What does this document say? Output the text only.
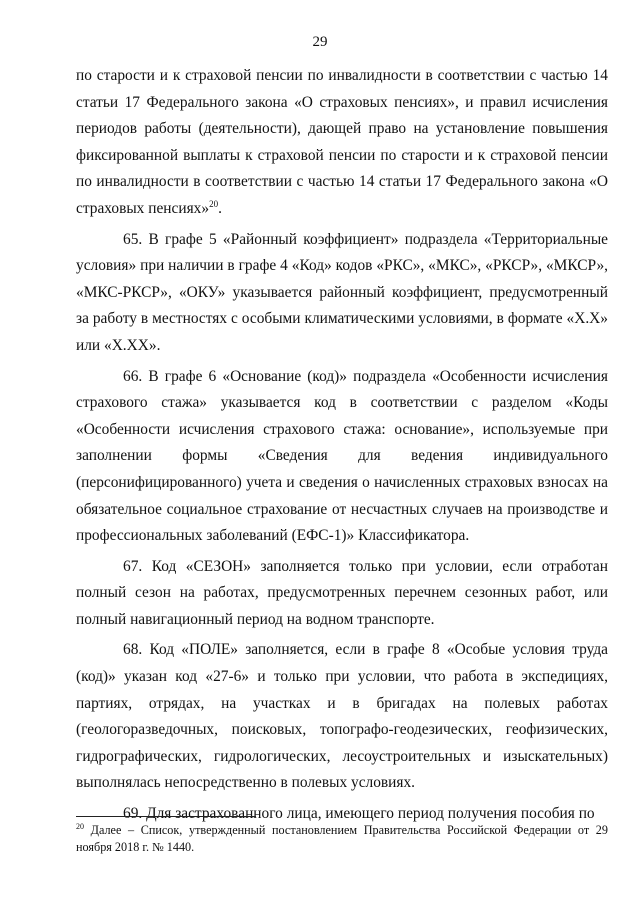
29

по старости и к страховой пенсии по инвалидности в соответствии с частью 14 статьи 17 Федерального закона «О страховых пенсиях», и правил исчисления периодов работы (деятельности), дающей право на установление повышения фиксированной выплаты к страховой пенсии по старости и к страховой пенсии по инвалидности в соответствии с частью 14 статьи 17 Федерального закона «О страховых пенсиях»$^{20}$.

65. В графе 5 «Районный коэффициент» подраздела «Территориальные условия» при наличии в графе 4 «Код» кодов «РКС», «МКС», «РКСР», «МКСР», «МКС-РКСР», «ОКУ» указывается районный коэффициент, предусмотренный за работу в местностях с особыми климатическими условиями, в формате «Х.Х» или «Х.ХХ».

66. В графе 6 «Основание (код)» подраздела «Особенности исчисления страхового стажа» указывается код в соответствии с разделом «Коды «Особенности исчисления страхового стажа: основание», используемые при заполнении формы «Сведения для ведения индивидуального (персонифицированного) учета и сведения о начисленных страховых взносах на обязательное социальное страхование от несчастных случаев на производстве и профессиональных заболеваний (ЕФС-1)» Классификатора.

67. Код «СЕЗОН» заполняется только при условии, если отработан полный сезон на работах, предусмотренных перечнем сезонных работ, или полный навигационный период на водном транспорте.

68. Код «ПОЛЕ» заполняется, если в графе 8 «Особые условия труда (код)» указан код «27-6» и только при условии, что работа в экспедициях, партиях, отрядах, на участках и в бригадах на полевых работах (геологоразведочных, поисковых, топографо-геодезических, геофизических, гидрографических, гидрологических, лесоустроительных и изыскательных) выполнялась непосредственно в полевых условиях.

69. Для застрахованного лица, имеющего период получения пособия по

$^{20}$ Далее – Список, утвержденный постановлением Правительства Российской Федерации от 29 ноября 2018 г. № 1440.
